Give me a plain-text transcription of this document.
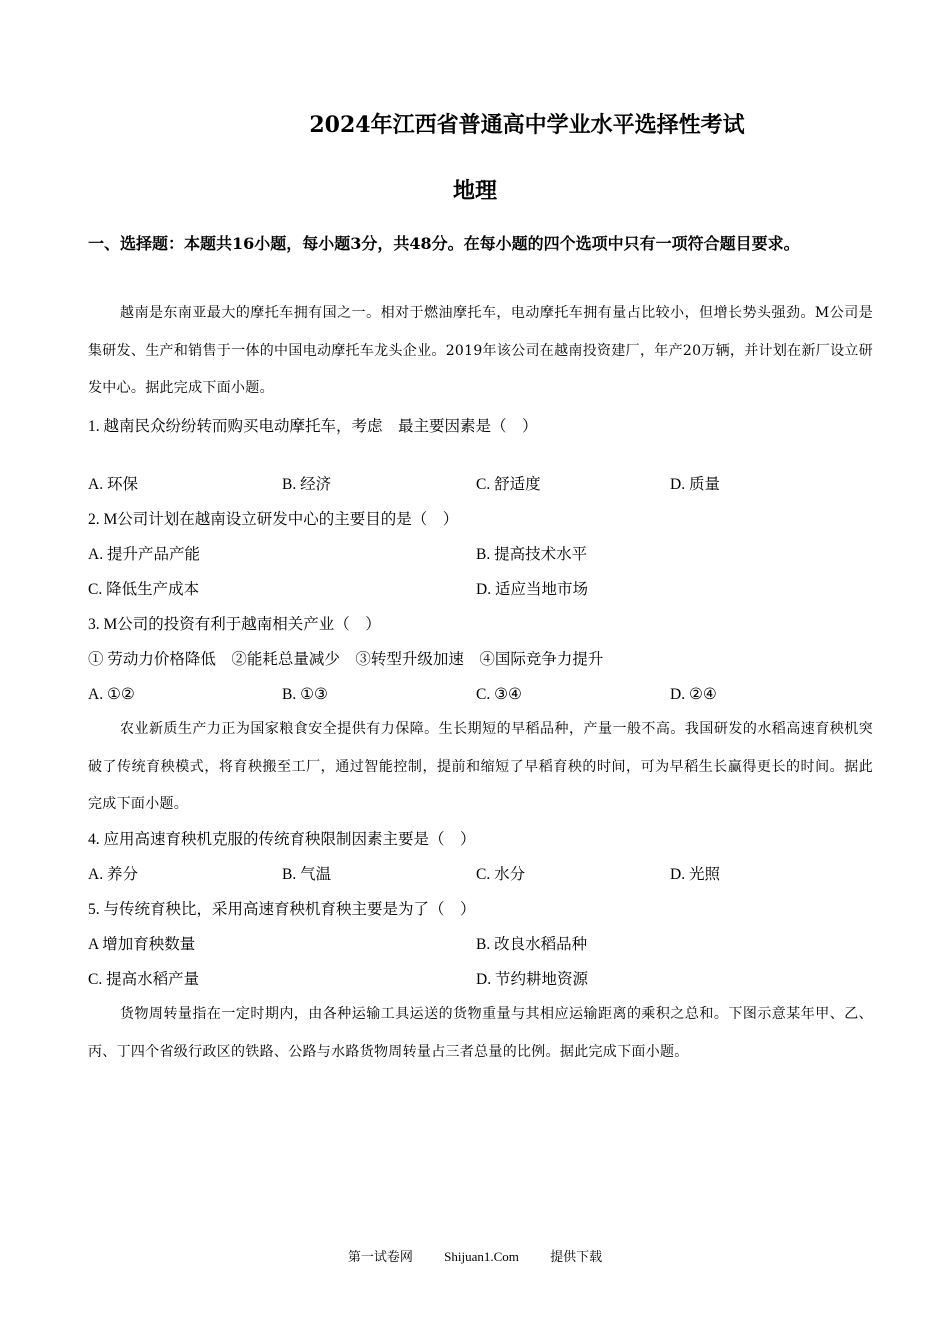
2024年江西省普通高中学业水平选择性考试
地理
一、选择题：本题共16小题，每小题3分，共48分。在每小题的四个选项中只有一项符合题目要求。
越南是东南亚最大的摩托车拥有国之一。相对于燃油摩托车，电动摩托车拥有量占比较小，但增长势头强劲。M公司是集研发、生产和销售于一体的中国电动摩托车龙头企业。2019年该公司在越南投资建厂，年产20万辆，并计划在新厂设立研发中心。据此完成下面小题。
1. 越南民众纷纷转而购买电动摩托车，考虑　最主要因素是（　）
A. 环保	B. 经济	C. 舒适度	D. 质量
2. M公司计划在越南设立研发中心的主要目的是（　）
A. 提升产品产能	B. 提高技术水平
C. 降低生产成本	D. 适应当地市场
3. M公司的投资有利于越南相关产业（　）
① 劳动力价格降低　②能耗总量减少　③转型升级加速　④国际竞争力提升
A. ①②	B. ①③	C. ③④	D. ②④
农业新质生产力正为国家粮食安全提供有力保障。生长期短的早稻品种，产量一般不高。我国研发的水稻高速育秧机突破了传统育秧模式，将育秧搬至工厂，通过智能控制，提前和缩短了早稻育秧的时间，可为早稻生长赢得更长的时间。据此完成下面小题。
4. 应用高速育秧机克服的传统育秧限制因素主要是（　）
A. 养分	B. 气温	C. 水分	D. 光照
5. 与传统育秧比，采用高速育秧机育秧主要是为了（　）
A 增加育秧数量	B. 改良水稻品种
C. 提高水稻产量	D. 节约耕地资源
货物周转量指在一定时期内，由各种运输工具运送的货物重量与其相应运输距离的乘积之总和。下图示意某年甲、乙、丙、丁四个省级行政区的铁路、公路与水路货物周转量占三者总量的比例。据此完成下面小题。
第一试卷网 Shijuan1.Com 提供下载
